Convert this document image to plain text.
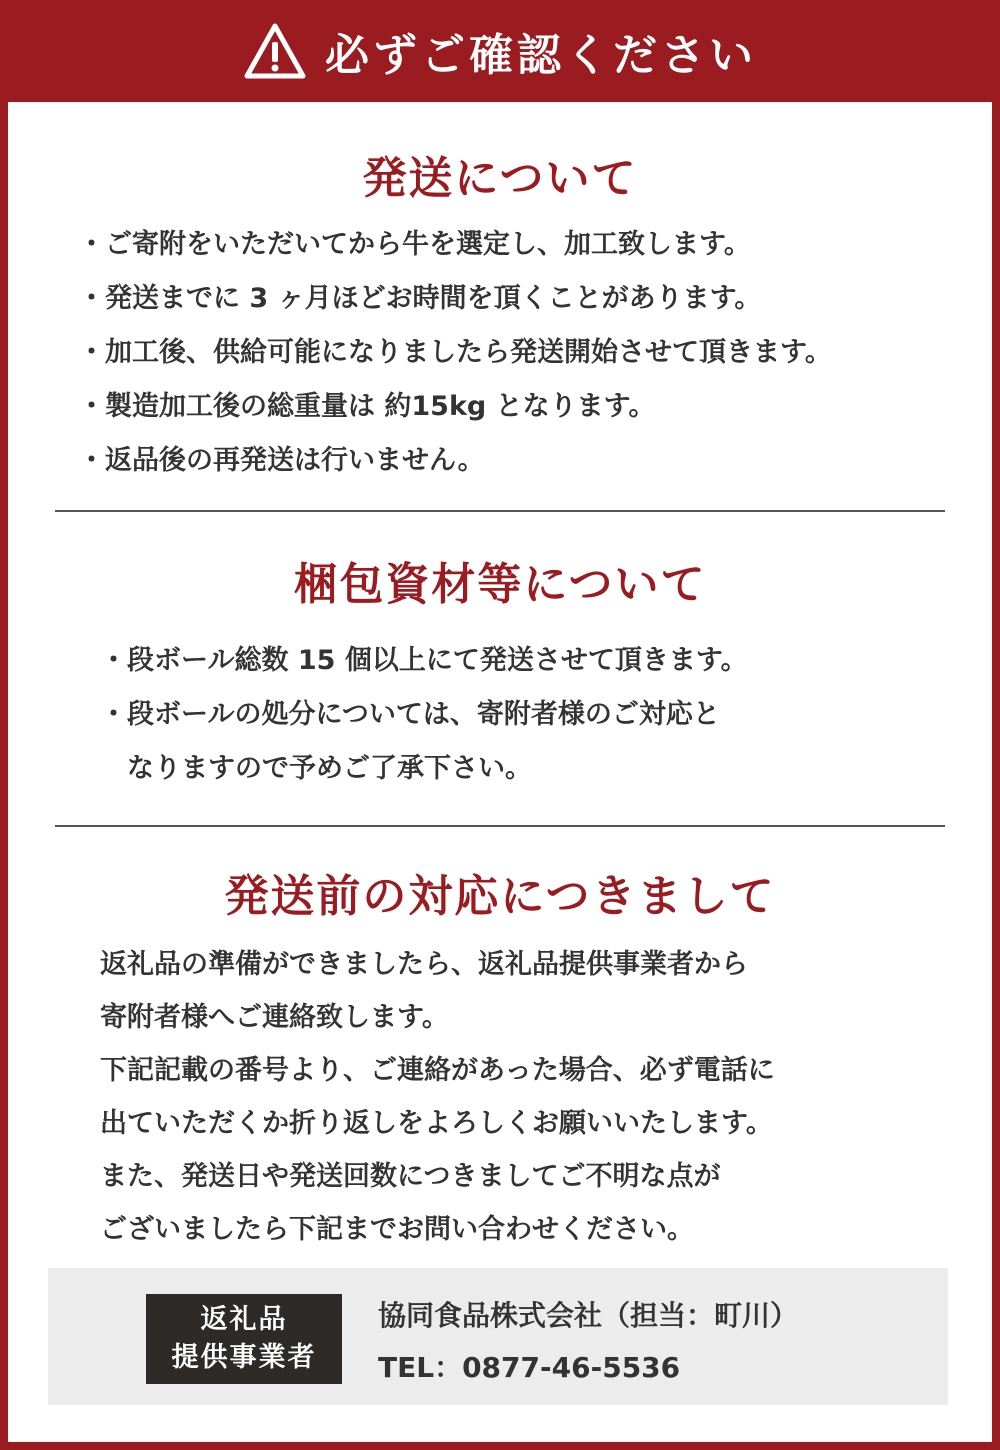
必ずご確認ください
発送について
・ご寄附をいただいてから牛を選定し、加工致します。
・発送までに 3 ヶ月ほどお時間を頂くことがあります。
・加工後、供給可能になりましたら発送開始させて頂きます。
・製造加工後の総重量は 約15kg となります。
・返品後の再発送は行いません。
梱包資材等について
・段ボール総数 15 個以上にて発送させて頂きます。
・段ボールの処分については、寄附者様のご対応と
　なりますので予めご了承下さい。
発送前の対応につきまして
返礼品の準備ができましたら、返礼品提供事業者から
寄附者様へご連絡致します。
下記記載の番号より、ご連絡があった場合、必ず電話に
出ていただくか折り返しをよろしくお願いいたします。
また、発送日や発送回数につきましてご不明な点が
ございましたら下記までお問い合わせください。
返礼品
提供事業者
協同食品株式会社（担当：町川）
TEL：0877-46-5536
